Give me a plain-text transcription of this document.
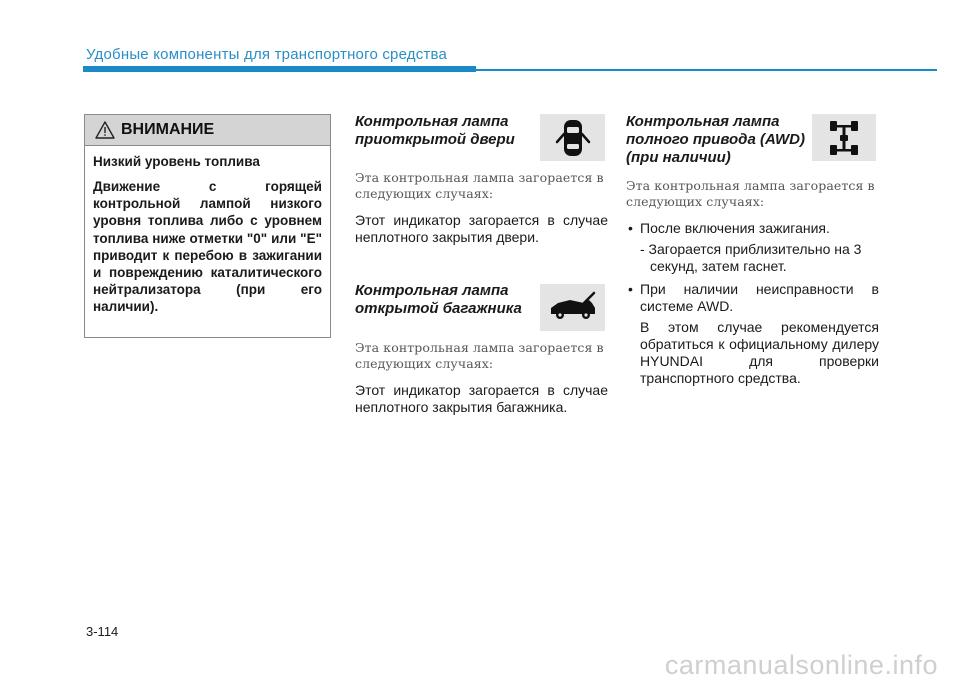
Удобные компоненты для транспортного средства
ВНИМАНИЕ
Низкий уровень топлива
Движение с горящей контрольной лампой низкого уровня топлива либо с уровнем топлива ниже отметки "0" или "E" приводит к перебою в зажигании и повреждению каталитического нейтрализатора (при его наличии).
Контрольная лампа приоткрытой двери
Эта контрольная лампа загорается в следующих случаях:
Этот индикатор загорается в случае неплотного закрытия двери.
Контрольная лампа открытой багажника
Эта контрольная лампа загорается в следующих случаях:
Этот индикатор загорается в случае неплотного закрытия багажника.
Контрольная лампа полного привода (AWD) (при наличии)
Эта контрольная лампа загорается в следующих случаях:
• После включения зажигания.
- Загорается приблизительно на 3 секунд, затем гаснет.
• При наличии неисправности в системе AWD.
В этом случае рекомендуется обратиться к официальному дилеру HYUNDAI для проверки транспортного средства.
3-114
carmanualsonline.info
